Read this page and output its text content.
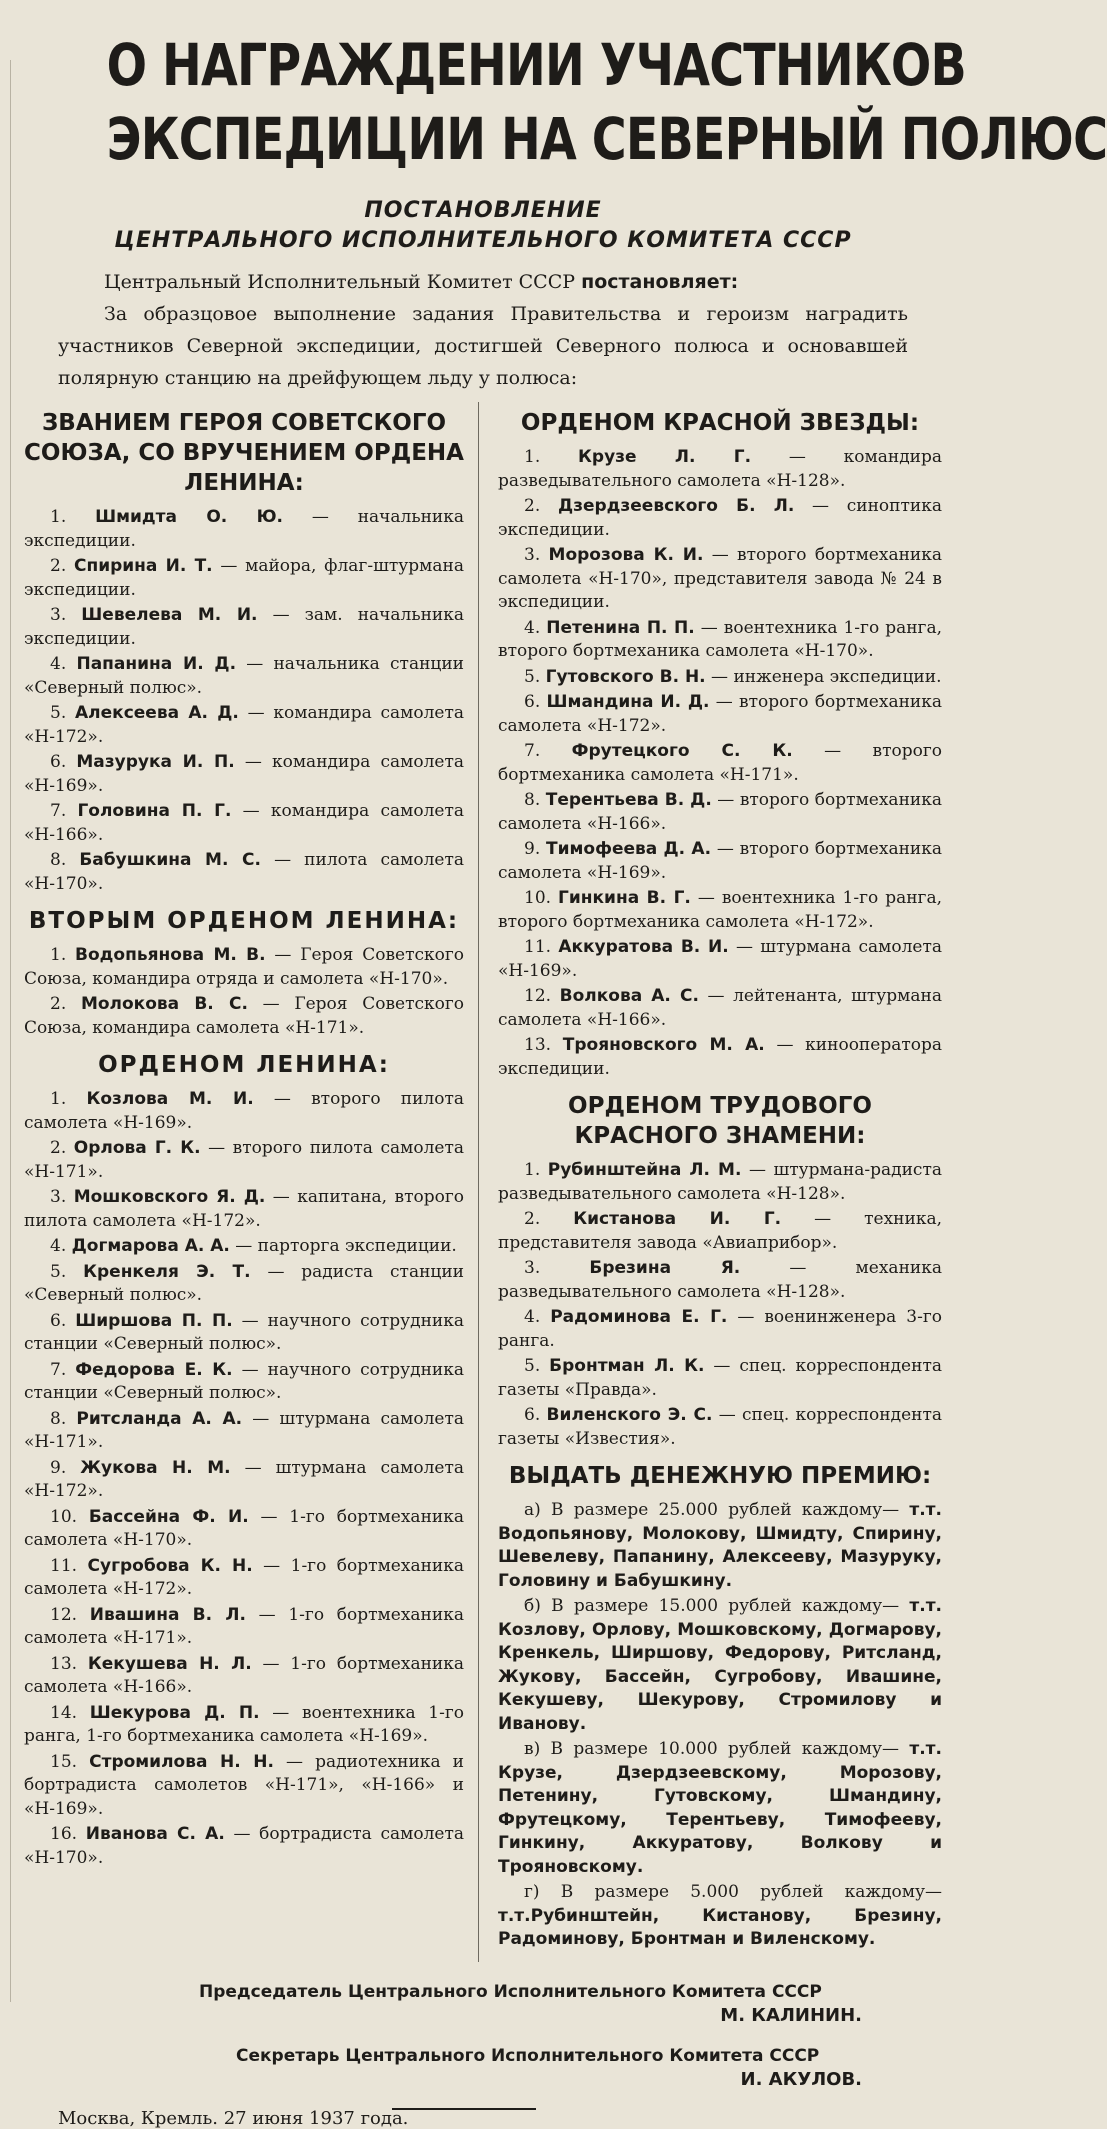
О НАГРАЖДЕНИИ УЧАСТНИКОВ
ЭКСПЕДИЦИИ НА СЕВЕРНЫЙ ПОЛЮС
ПОСТАНОВЛЕНИЕ
ЦЕНТРАЛЬНОГО ИСПОЛНИТЕЛЬНОГО КОМИТЕТА СССР
Центральный Исполнительный Комитет СССР постановляет:
За образцовое выполнение задания Правительства и героизм наградить участников Северной экспедиции, достигшей Северного полюса и основавшей полярную станцию на дрейфующем льду у полюса:
ЗВАНИЕМ ГЕРОЯ СОВЕТСКОГО СОЮЗА, СО ВРУЧЕНИЕМ ОРДЕНА ЛЕНИНА:
1. Шмидта О. Ю. — начальника экспедиции.
2. Спирина И. Т. — майора, флаг-штурмана экспедиции.
3. Шевелева М. И. — зам. начальника экспедиции.
4. Папанина И. Д. — начальника станции «Северный полюс».
5. Алексеева А. Д. — командира самолета «Н-172».
6. Мазурука И. П. — командира самолета «Н-169».
7. Головина П. Г. — командира самолета «Н-166».
8. Бабушкина М. С. — пилота самолета «Н-170».
ВТОРЫМ ОРДЕНОМ ЛЕНИНА:
1. Водопьянова М. В. — Героя Советского Союза, командира отряда и самолета «Н-170».
2. Молокова В. С. — Героя Советского Союза, командира самолета «Н-171».
ОРДЕНОМ ЛЕНИНА:
1. Козлова М. И. — второго пилота самолета «Н-169».
2. Орлова Г. К. — второго пилота самолета «Н-171».
3. Мошковского Я. Д. — капитана, второго пилота самолета «Н-172».
4. Догмарова А. А. — парторга экспедиции.
5. Кренкеля Э. Т. — радиста станции «Северный полюс».
6. Ширшова П. П. — научного сотрудника станции «Северный полюс».
7. Федорова Е. К. — научного сотрудника станции «Северный полюс».
8. Ритсланда А. А. — штурмана самолета «Н-171».
9. Жукова Н. М. — штурмана самолета «Н-172».
10. Бассейна Ф. И. — 1-го бортмеханика самолета «Н-170».
11. Сугробова К. Н. — 1-го бортмеханика самолета «Н-172».
12. Ивашина В. Л. — 1-го бортмеханика самолета «Н-171».
13. Кекушева Н. Л. — 1-го бортмеханика самолета «Н-166».
14. Шекурова Д. П. — воентехника 1-го ранга, 1-го бортмеханика самолета «Н-169».
15. Стромилова Н. Н. — радиотехника и бортрадиста самолетов «Н-171», «Н-166» и «Н-169».
16. Иванова С. А. — бортрадиста самолета «Н-170».
ОРДЕНОМ КРАСНОЙ ЗВЕЗДЫ:
1. Крузе Л. Г. — командира разведывательного самолета «Н-128».
2. Дзердзеевского Б. Л. — синоптика экспедиции.
3. Морозова К. И. — второго бортмеханика самолета «Н-170», представителя завода № 24 в экспедиции.
4. Петенина П. П. — воентехника 1-го ранга, второго бортмеханика самолета «Н-170».
5. Гутовского В. Н. — инженера экспедиции.
6. Шмандина И. Д. — второго бортмеханика самолета «Н-172».
7. Фрутецкого С. К. — второго бортмеханика самолета «Н-171».
8. Терентьева В. Д. — второго бортмеханика самолета «Н-166».
9. Тимофеева Д. А. — второго бортмеханика самолета «Н-169».
10. Гинкина В. Г. — воентехника 1-го ранга, второго бортмеханика самолета «Н-172».
11. Аккуратова В. И. — штурмана самолета «Н-169».
12. Волкова А. С. — лейтенанта, штурмана самолета «Н-166».
13. Трояновского М. А. — кинооператора экспедиции.
ОРДЕНОМ ТРУДОВОГО КРАСНОГО ЗНАМЕНИ:
1. Рубинштейна Л. М. — штурмана-радиста разведывательного самолета «Н-128».
2. Кистанова И. Г. — техника, представителя завода «Авиаприбор».
3.	Брезина Я. — механика разведывательного самолета «Н-128».
4. Радоминова Е. Г. — военинженера 3-го ранга.
5. Бронтман Л. К. — спец. корреспондента газеты «Правда».
6. Виленского Э. С. — спец. корреспондента газеты «Известия».
ВЫДАТЬ ДЕНЕЖНУЮ ПРЕМИЮ:
а) В размере 25.000 рублей каждому— т.т. Водопьянову, Молокову, Шмидту, Спирину, Шевелеву, Папанину, Алексееву, Мазуруку, Головину и Бабушкину.
б) В размере 15.000 рублей каждому— т.т. Козлову, Орлову, Мошковскому, Догмарову, Кренкель, Ширшову, Федорову, Ритсланд, Жукову, Бассейн, Сугробову, Ивашине, Кекушеву, Шекурову, Стромилову и Иванову.
в) В размере 10.000 рублей каждому— т.т. Крузе, Дзердзеевскому, Морозову, Петенину, Гутовскому, Шмандину, Фрутецкому, Терентьеву, Тимофееву, Гинкину, Аккуратову, Волкову и Трояновскому.
г) В размере 5.000 рублей каждому— т.т.Рубинштейн, Кистанову, Брезину, Радоминову, Бронтман и Виленскому.
Председатель Центрального Исполнительного Комитета СССР
М. КАЛИНИН.
Секретарь Центрального Исполнительного Комитета СССР
И. АКУЛОВ.
Москва, Кремль. 27 июня 1937 года.
